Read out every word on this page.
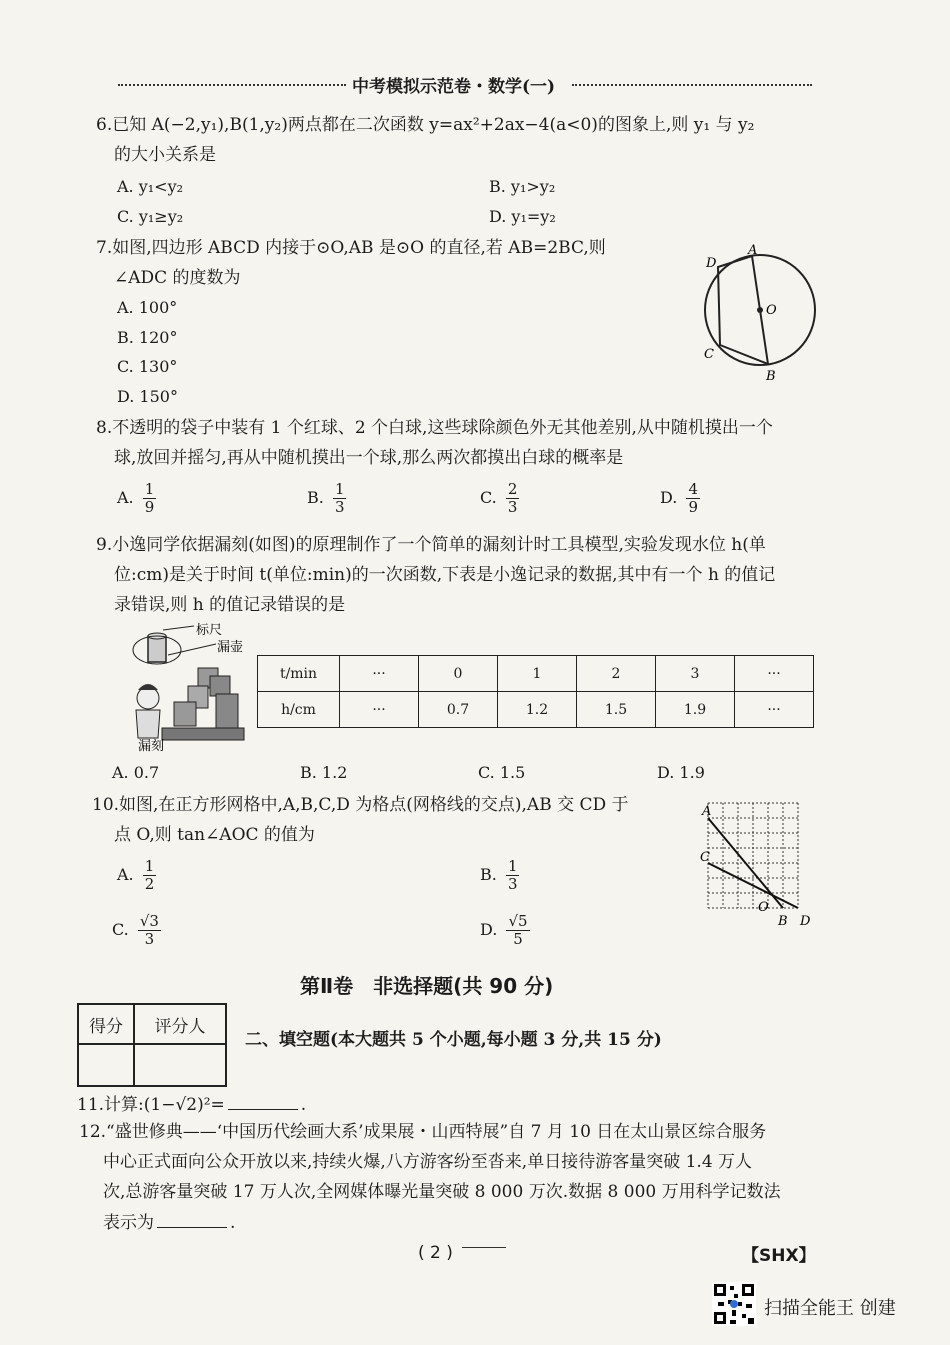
中考模拟示范卷・数学(一)
6.已知 A(−2,y₁),B(1,y₂)两点都在二次函数 y=ax²+2ax−4(a<0)的图象上,则 y₁ 与 y₂
的大小关系是
A. y₁<y₂	B. y₁>y₂
C. y₁≥y₂	D. y₁=y₂
7.如图,四边形 ABCD 内接于⊙O,AB 是⊙O 的直径,若 AB=2BC,则
∠ADC 的度数为
A. 100°
B. 120°
C. 130°
D. 150°
A
B
C
D
O
8.不透明的袋子中装有 1 个红球、2 个白球,这些球除颜色外无其他差别,从中随机摸出一个
球,放回并摇匀,再从中随机摸出一个球,那么两次都摸出白球的概率是
A. $\frac{1}{9}$	B. $\frac{1}{3}$	C. $\frac{2}{3}$	D. $\frac{4}{9}$
9.小逸同学依据漏刻(如图)的原理制作了一个简单的漏刻计时工具模型,实验发现水位 h(单
位:cm)是关于时间 t(单位:min)的一次函数,下表是小逸记录的数据,其中有一个 h 的值记
录错误,则 h 的值记录错误的是
标尺
漏壶
漏刻
t/min	···	0	1	2	3	···
h/cm	···	0.7	1.2	1.5	1.9	···
A. 0.7	B. 1.2	C. 1.5	D. 1.9
10.如图,在正方形网格中,A,B,C,D 为格点(网格线的交点),AB 交 CD 于
点 O,则 tan∠AOC 的值为
A. $\frac{1}{2}$	B. $\frac{1}{3}$
C. $\frac{√3}{3}$	D. $\frac{√5}{5}$
A
B
C
D
O
第Ⅱ卷　非选择题(共 90 分)
得分	评分人

二、填空题(本大题共 5 个小题,每小题 3 分,共 15 分)
11.计算:(1−√2)²=	.
12.“盛世修典——‘中国历代绘画大系’成果展・山西特展”自 7 月 10 日在太山景区综合服务
中心正式面向公众开放以来,持续火爆,八方游客纷至沓来,单日接待游客量突破 1.4 万人
次,总游客量突破 17 万人次,全网媒体曝光量突破 8 000 万次.数据 8 000 万用科学记数法
表示为	.
( 2 )	【SHX】
扫描全能王 创建
